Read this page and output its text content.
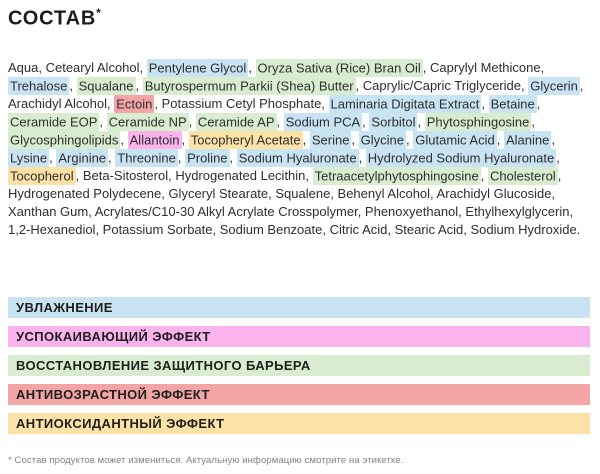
СОСТАВ*

Aqua, Cetearyl Alcohol, Pentylene Glycol , Oryza Sativa (Rice) Bran Oil , Caprylyl Methicone, Trehalose , Squalane , Butyrospermum Parkii (Shea) Butter , Caprylic/Capric Triglyceride, Glycerin , Arachidyl Alcohol, Ectoin , Potassium Cetyl Phosphate, Laminaria Digitata Extract , Betaine , Ceramide EOP , Ceramide NP , Ceramide AP , Sodium PCA , Sorbitol , Phytosphingosine , Glycosphingolipids , Allantoin , Tocopheryl Acetate , Serine , Glycine , Glutamic Acid , Alanine , Lysine , Arginine , Threonine , Proline , Sodium Hyaluronate , Hydrolyzed Sodium Hyaluronate , Tocopherol , Beta-Sitosterol, Hydrogenated Lecithin, Tetraacetylphytosphingosine , Cholesterol , Hydrogenated Polydecene, Glyceryl Stearate, Squalene, Behenyl Alcohol, Arachidyl Glucoside, Xanthan Gum, Acrylates/C10-30 Alkyl Acrylate Crosspolymer, Phenoxyethanol, Ethylhexylglycerin, 1,2-Hexanediol, Potassium Sorbate, Sodium Benzoate, Citric Acid, Stearic Acid, Sodium Hydroxide.

УВЛАЖНЕНИЕ
УСПОКАИВАЮЩИЙ ЭФФЕКТ
ВОССТАНОВЛЕНИЕ ЗАЩИТНОГО БАРЬЕРА
АНТИВОЗРАСТНОЙ ЭФФЕКТ
АНТИОКСИДАНТНЫЙ ЭФФЕКТ
* Состав продуктов может измениться. Актуальную информацию смотрите на этикетке.
